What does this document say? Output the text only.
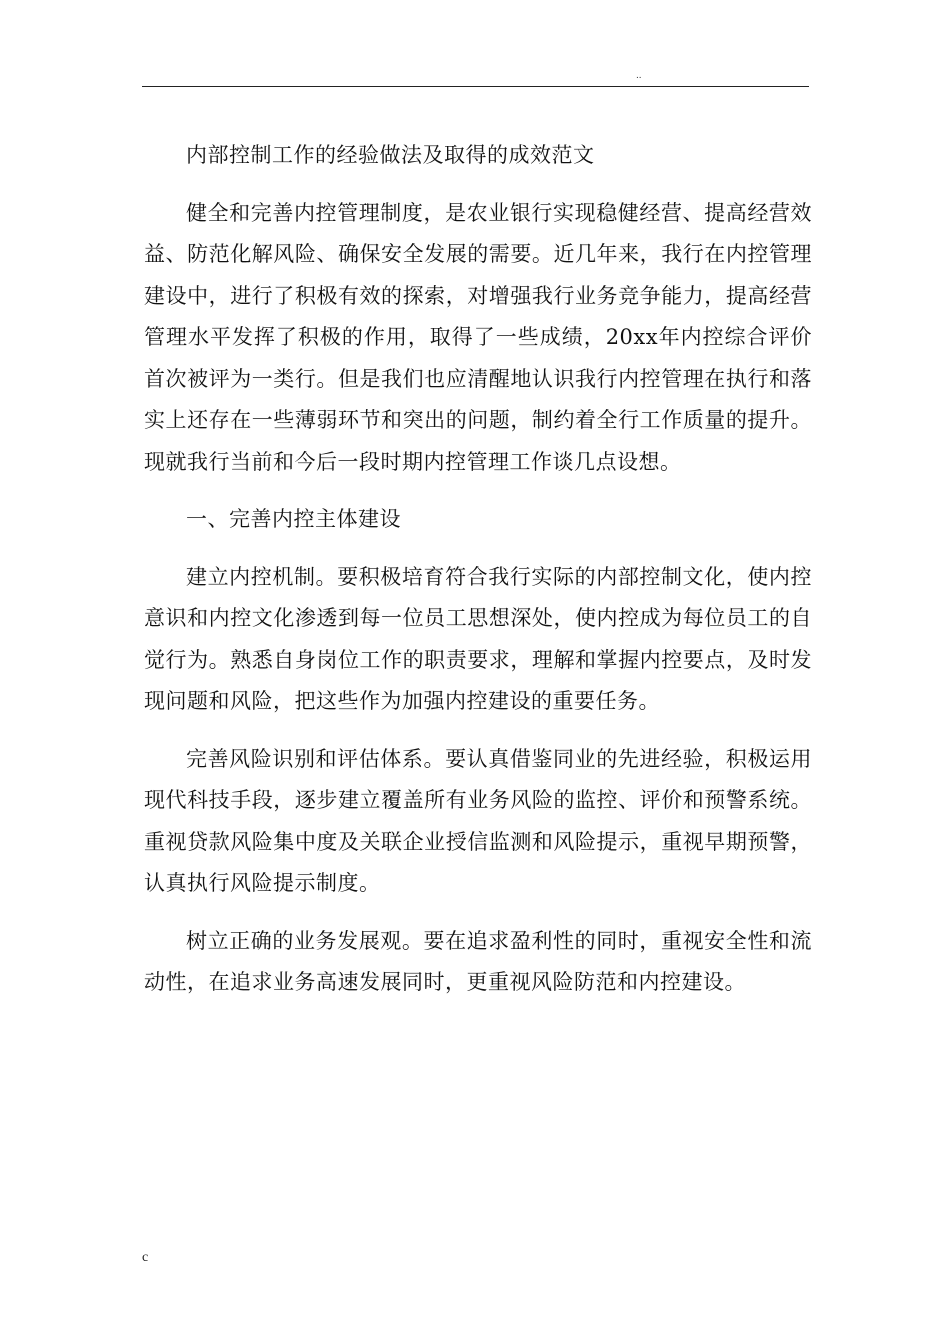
..

内部控制工作的经验做法及取得的成效范文

健全和完善内控管理制度，是农业银行实现稳健经营、提高经营效益、防范化解风险、确保安全发展的需要。近几年来，我行在内控管理建设中，进行了积极有效的探索，对增强我行业务竞争能力，提高经营管理水平发挥了积极的作用，取得了一些成绩，20xx年内控综合评价首次被评为一类行。但是我们也应清醒地认识我行内控管理在执行和落实上还存在一些薄弱环节和突出的问题，制约着全行工作质量的提升。现就我行当前和今后一段时期内控管理工作谈几点设想。

一、完善内控主体建设

建立内控机制。要积极培育符合我行实际的内部控制文化，使内控意识和内控文化渗透到每一位员工思想深处，使内控成为每位员工的自觉行为。熟悉自身岗位工作的职责要求，理解和掌握内控要点，及时发现问题和风险，把这些作为加强内控建设的重要任务。

完善风险识别和评估体系。要认真借鉴同业的先进经验，积极运用现代科技手段，逐步建立覆盖所有业务风险的监控、评价和预警系统。重视贷款风险集中度及关联企业授信监测和风险提示，重视早期预警，认真执行风险提示制度。

树立正确的业务发展观。要在追求盈利性的同时，重视安全性和流动性，在追求业务高速发展同时，更重视风险防范和内控建设。

c
